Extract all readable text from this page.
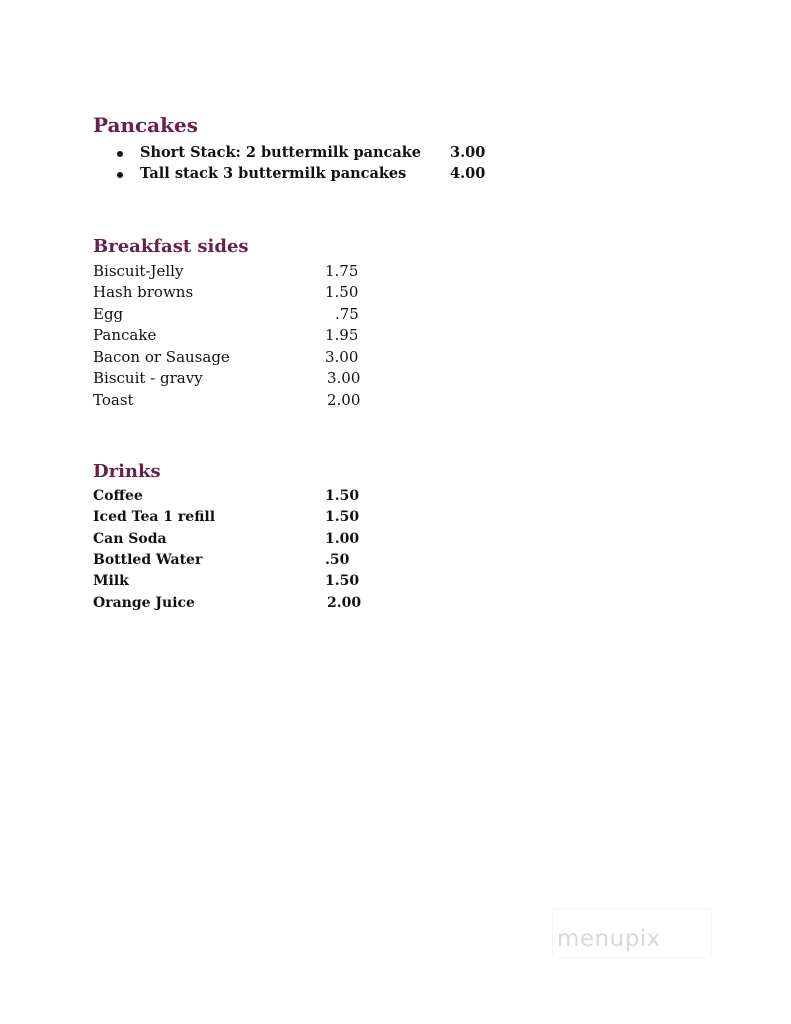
Pancakes
Short Stack: 2 buttermilk pancake 3.00
Tall stack 3 buttermilk pancakes	4.00
Breakfast sides
Biscuit-Jelly	1.75
Hash browns	1.50
Egg	.75
Pancake	1.95
Bacon or Sausage	3.00
Biscuit - gravy	3.00
Toast	2.00
Drinks
Coffee	1.50
Iced Tea 1 refill	1.50
Can Soda	1.00
Bottled Water	.50
Milk	1.50
Orange Juice	2.00
menupix
